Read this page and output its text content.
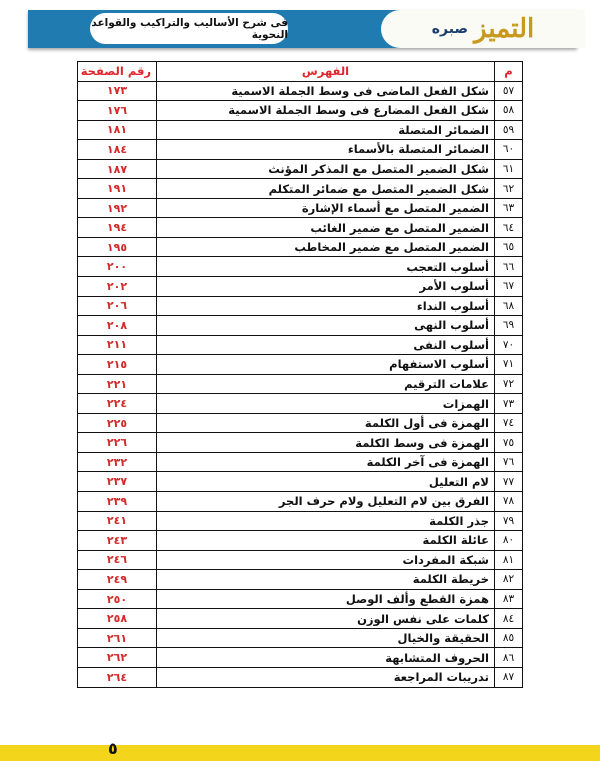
فى شرح الأساليب والتراكيب والقواعد النحوية	التميز
صبره
م	الفهرس	رقم الصفحة
٥٧	شكل الفعل الماضى فى وسط الجملة الاسمية	١٧٣
٥٨	شكل الفعل المضارع فى وسط الجملة الاسمية	١٧٦
٥٩	الضمائر المتصلة	١٨١
٦٠	الضمائر المتصلة بالأسماء	١٨٤
٦١	شكل الضمير المتصل مع المذكر المؤنث	١٨٧
٦٢	شكل الضمير المتصل مع ضمائر المتكلم	١٩١
٦٣	الضمير المتصل مع أسماء الإشارة	١٩٢
٦٤	الضمير المتصل مع ضمير الغائب	١٩٤
٦٥	الضمير المتصل مع ضمير المخاطب	١٩٥
٦٦	أسلوب التعجب	٢٠٠
٦٧	أسلوب الأمر	٢٠٢
٦٨	أسلوب النداء	٢٠٦
٦٩	أسلوب النهى	٢٠٨
٧٠	أسلوب النفى	٢١١
٧١	أسلوب الاستفهام	٢١٥
٧٢	علامات الترقيم	٢٢١
٧٣	الهمزات	٢٢٤
٧٤	الهمزة فى أول الكلمة	٢٢٥
٧٥	الهمزة فى وسط الكلمة	٢٢٦
٧٦	الهمزة فى آخر الكلمة	٢٣٢
٧٧	لام التعليل	٢٣٧
٧٨	الفرق بين لام التعليل ولام حرف الجر	٢٣٩
٧٩	جذر الكلمة	٢٤١
٨٠	عائلة الكلمة	٢٤٣
٨١	شبكة المفردات	٢٤٦
٨٢	خريطة الكلمة	٢٤٩
٨٣	همزة القطع وألف الوصل	٢٥٠
٨٤	كلمات على نفس الوزن	٢٥٨
٨٥	الحقيقة والخيال	٢٦١
٨٦	الحروف المتشابهة	٢٦٢
٨٧	تدريبات المراجعة	٢٦٤
٥
